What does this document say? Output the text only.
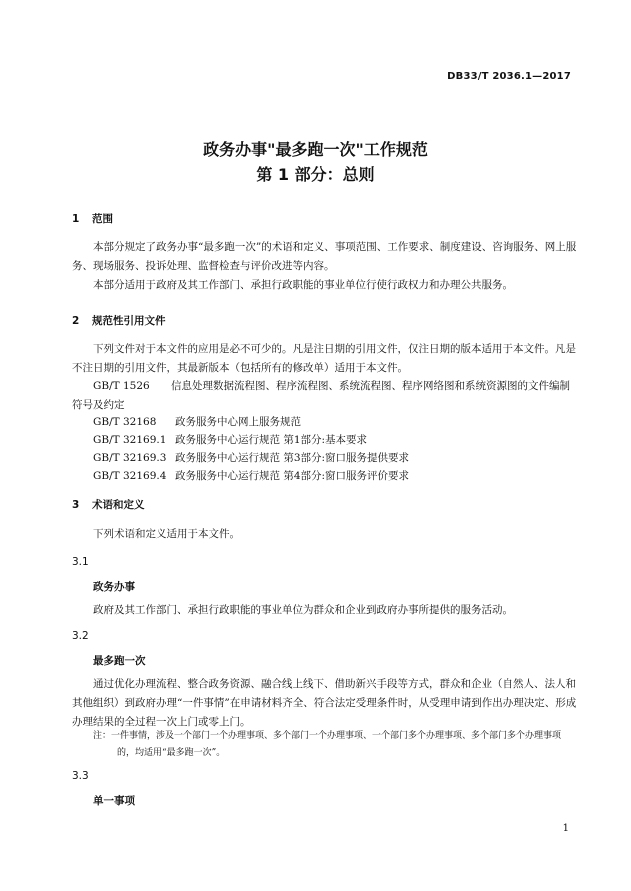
DB33/T 2036.1—2017
政务办事"最多跑一次"工作规范
第 1 部分：总则
1 范围
本部分规定了政务办事“最多跑一次”的术语和定义、事项范围、工作要求、制度建设、咨询服务、网上服务、现场服务、投诉处理、监督检查与评价改进等内容。
本部分适用于政府及其工作部门、承担行政职能的事业单位行使行政权力和办理公共服务。
2 规范性引用文件
下列文件对于本文件的应用是必不可少的。凡是注日期的引用文件，仅注日期的版本适用于本文件。凡是不注日期的引用文件，其最新版本（包括所有的修改单）适用于本文件。
GB/T 1526 信息处理数据流程图、程序流程图、系统流程图、程序网络图和系统资源图的文件编制符号及约定
GB/T 32168 政务服务中心网上服务规范
GB/T 32169.1 政务服务中心运行规范 第1部分:基本要求
GB/T 32169.3 政务服务中心运行规范 第3部分:窗口服务提供要求
GB/T 32169.4 政务服务中心运行规范 第4部分:窗口服务评价要求
3 术语和定义
下列术语和定义适用于本文件。
3.1
政务办事
政府及其工作部门、承担行政职能的事业单位为群众和企业到政府办事所提供的服务活动。
3.2
最多跑一次
通过优化办理流程、整合政务资源、融合线上线下、借助新兴手段等方式，群众和企业（自然人、法人和其他组织）到政府办理“一件事情”在申请材料齐全、符合法定受理条件时，从受理申请到作出办理决定、形成办理结果的全过程一次上门或零上门。
注：一件事情，涉及一个部门一个办理事项、多个部门一个办理事项、一个部门多个办理事项、多个部门多个办理事项的，均适用“最多跑一次”。
3.3
单一事项
1
